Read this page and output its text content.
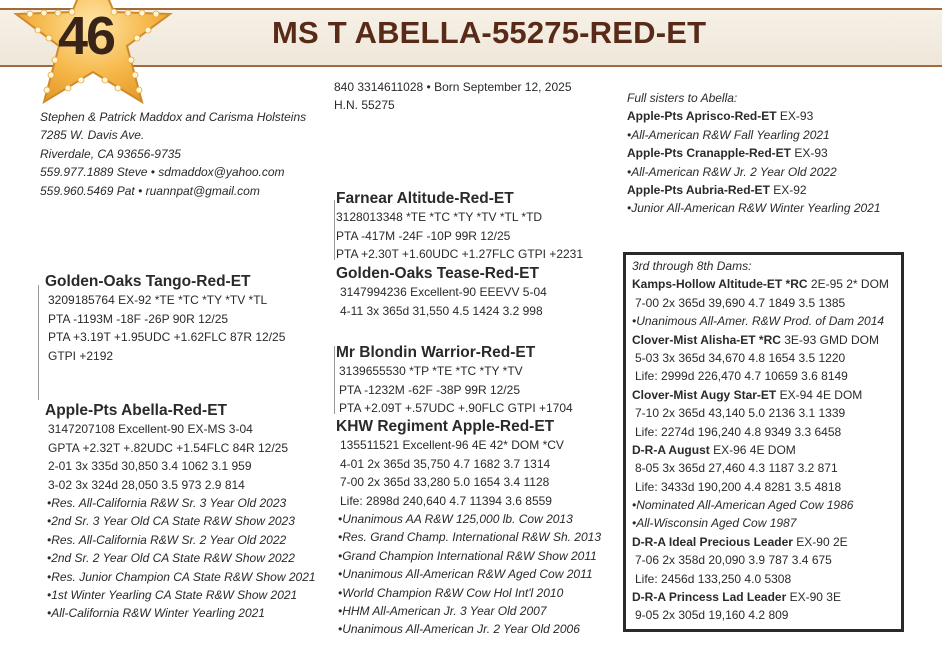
MS T ABELLA-55275-RED-ET
46
840 3314611028 • Born September 12, 2025
H.N. 55275
Stephen & Patrick Maddox and Carisma Holsteins
7285 W. Davis Ave.
Riverdale, CA 93656-9735
559.977.1889 Steve • sdmaddox@yahoo.com
559.960.5469 Pat • ruannpat@gmail.com	Farnear Altitude-Red-ET
3128013348 *TE *TC *TY *TV *TL *TD
PTA -417M -24F -10P 99R 12/25
PTA +2.30T +1.60UDC +1.27FLC GTPI +2231
Golden-Oaks Tease-Red-ET
3147994236 Excellent-90 EEEVV 5-04
4-11 3x 365d 31,550 4.5 1424 3.2 998
Golden-Oaks Tango-Red-ET
3209185764 EX-92 *TE *TC *TY *TV *TL
PTA -1193M -18F -26P 90R 12/25
PTA +3.19T +1.95UDC +1.62FLC 87R 12/25
GTPI +2192	Mr Blondin Warrior-Red-ET
3139655530 *TP *TE *TC *TY *TV
PTA -1232M -62F -38P 99R 12/25
PTA +2.09T +.57UDC +.90FLC GTPI +1704
KHW Regiment Apple-Red-ET
135511521 Excellent-96 4E 42* DOM *CV
4-01 2x 365d 35,750 4.7 1682 3.7 1314
7-00 2x 365d 33,280 5.0 1654 3.4 1128
Life: 2898d 240,640 4.7 11394 3.6 8559
•Unanimous AA R&W 125,000 lb. Cow 2013
•Res. Grand Champ. International R&W Sh. 2013
•Grand Champion International R&W Show 2011
•Unanimous All-American R&W Aged Cow 2011
•World Champion R&W Cow Hol Int'l 2010
•HHM All-American Jr. 3 Year Old 2007
•Unanimous All-American Jr. 2 Year Old 2006
Apple-Pts Abella-Red-ET
3147207108 Excellent-90 EX-MS 3-04
GPTA +2.32T +.82UDC +1.54FLC 84R 12/25
2-01 3x 335d 30,850 3.4 1062 3.1 959
3-02 3x 324d 28,050 3.5 973 2.9 814
•Res. All-California R&W Sr. 3 Year Old 2023
•2nd Sr. 3 Year Old CA State R&W Show 2023
•Res. All-California R&W Sr. 2 Year Old 2022
•2nd Sr. 2 Year Old CA State R&W Show 2022
•Res. Junior Champion CA State R&W Show 2021
•1st Winter Yearling CA State R&W Show 2021
•All-California R&W Winter Yearling 2021
Full sisters to Abella:
Apple-Pts Aprisco-Red-ET EX-93
•All-American R&W Fall Yearling 2021
Apple-Pts Cranapple-Red-ET EX-93
•All-American R&W Jr. 2 Year Old 2022
Apple-Pts Aubria-Red-ET EX-92
•Junior All-American R&W Winter Yearling 2021
3rd through 8th Dams:
Kamps-Hollow Altitude-ET *RC 2E-95 2* DOM
7-00 2x 365d 39,690 4.7 1849 3.5 1385
•Unanimous All-Amer. R&W Prod. of Dam 2014
Clover-Mist Alisha-ET *RC 3E-93 GMD DOM
5-03 3x 365d 34,670 4.8 1654 3.5 1220
Life: 2999d 226,470 4.7 10659 3.6 8149
Clover-Mist Augy Star-ET EX-94 4E DOM
7-10 2x 365d 43,140 5.0 2136 3.1 1339
Life: 2274d 196,240 4.8 9349 3.3 6458
D-R-A August EX-96 4E DOM
8-05 3x 365d 27,460 4.3 1187 3.2 871
Life: 3433d 190,200 4.4 8281 3.5 4818
•Nominated All-American Aged Cow 1986
•All-Wisconsin Aged Cow 1987
D-R-A Ideal Precious Leader EX-90 2E
7-06 2x 358d 20,090 3.9 787 3.4 675
Life: 2456d 133,250 4.0 5308
D-R-A Princess Lad Leader EX-90 3E
9-05 2x 305d 19,160 4.2 809
